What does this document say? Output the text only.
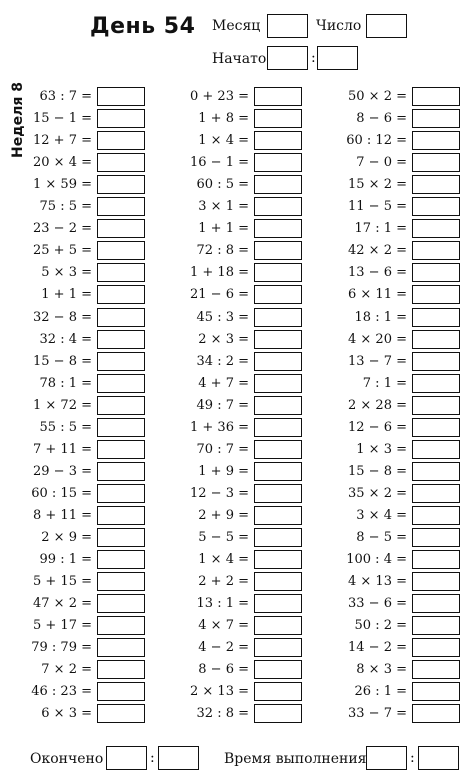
День 54 Месяц	Число
Начато	:
Неделя 8 63 : 7 =
15 − 1 =
12 + 7 =
20 × 4 =
1 × 59 =
75 : 5 =
23 − 2 =
25 + 5 =
5 × 3 =
1 + 1 =
32 − 8 =
32 : 4 =
15 − 8 =
78 : 1 =
1 × 72 =
55 : 5 =
7 + 11 =
29 − 3 =
60 : 15 =
8 + 11 =
2 × 9 =
99 : 1 =
5 + 15 =
47 × 2 =
5 + 17 =
79 : 79 =
7 × 2 =
46 : 23 =
6 × 3 =
0 + 23 =
1 + 8 =
1 × 4 =
16 − 1 =
60 : 5 =
3 × 1 =
1 + 1 =
72 : 8 =
1 + 18 =
21 − 6 =
45 : 3 =
2 × 3 =
34 : 2 =
4 + 7 =
49 : 7 =
1 + 36 =
70 : 7 =
1 + 9 =
12 − 3 =
2 + 9 =
5 − 5 =
1 × 4 =
2 + 2 =
13 : 1 =
4 × 7 =
4 − 2 =
8 − 6 =
2 × 13 =
32 : 8 =
50 × 2 =
8 − 6 =
60 : 12 =
7 − 0 =
15 × 2 =
11 − 5 =
17 : 1 =
42 × 2 =
13 − 6 =
6 × 11 =
18 : 1 =
4 × 20 =
13 − 7 =
7 : 1 =
2 × 28 =
12 − 6 =
1 × 3 =
15 − 8 =
35 × 2 =
3 × 4 =
8 − 5 =
100 : 4 =
4 × 13 =
33 − 6 =
50 : 2 =
14 − 2 =
8 × 3 =
26 : 1 =
33 − 7 =
Окончено	:	Время выполнения	:
